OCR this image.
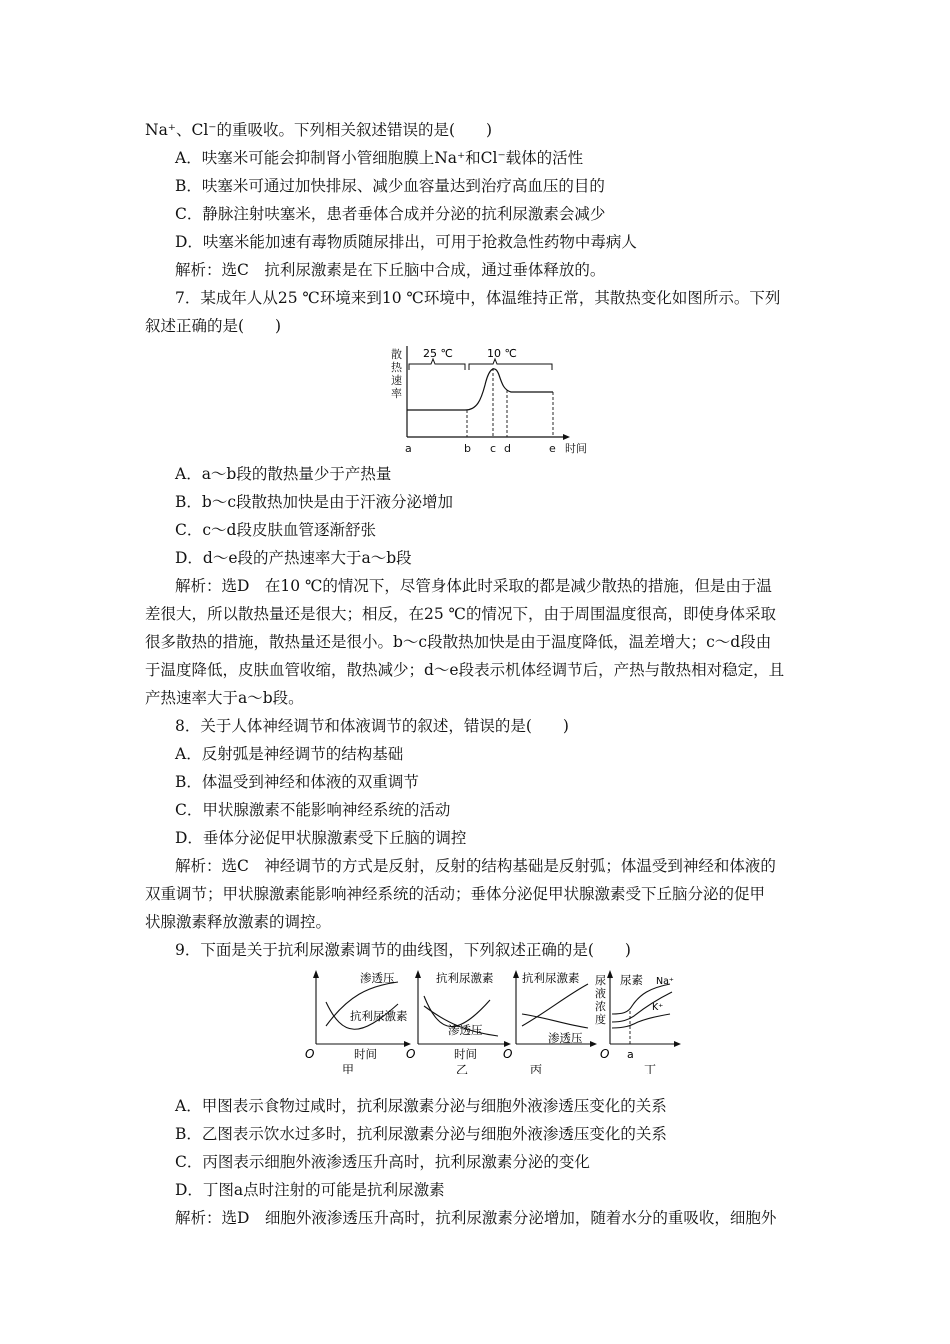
Na⁺、Cl⁻的重吸收。下列相关叙述错误的是(　　)
A．呋塞米可能会抑制肾小管细胞膜上Na⁺和Cl⁻载体的活性
B．呋塞米可通过加快排尿、减少血容量达到治疗高血压的目的
C．静脉注射呋塞米，患者垂体合成并分泌的抗利尿激素会减少
D．呋塞米能加速有毒物质随尿排出，可用于抢救急性药物中毒病人
解析：选C　抗利尿激素是在下丘脑中合成，通过垂体释放的。
7．某成年人从25 ℃环境来到10 ℃环境中，体温维持正常，其散热变化如图所示。下列
叙述正确的是(　　)
散
热
速
率
25 ℃	10 ℃
a	b c d	e 时间
A．a～b段的散热量少于产热量
B．b～c段散热加快是由于汗液分泌增加
C．c～d段皮肤血管逐渐舒张
D．d～e段的产热速率大于a～b段
解析：选D　在10 ℃的情况下，尽管身体此时采取的都是减少散热的措施，但是由于温
差很大，所以散热量还是很大；相反，在25 ℃的情况下，由于周围温度很高，即使身体采取
很多散热的措施，散热量还是很小。b～c段散热加快是由于温度降低，温差增大；c～d段由
于温度降低，皮肤血管收缩，散热减少；d～e段表示机体经调节后，产热与散热相对稳定，且
产热速率大于a～b段。
8．关于人体神经调节和体液调节的叙述，错误的是(　　)
A．反射弧是神经调节的结构基础
B．体温受到神经和体液的双重调节
C．甲状腺激素不能影响神经系统的活动
D．垂体分泌促甲状腺激素受下丘脑的调控
解析：选C　神经调节的方式是反射，反射的结构基础是反射弧；体温受到神经和体液的
双重调节；甲状腺激素能影响神经系统的活动；垂体分泌促甲状腺激素受下丘脑分泌的促甲
状腺激素释放激素的调控。
9．下面是关于抗利尿激素调节的曲线图，下列叙述正确的是(　　)
渗透压
抗利尿激素
O	时间
甲
抗利尿激素
渗透压
O	时间
乙
抗利尿激素
渗透压
O
丙
尿
液
浓
度
尿素 Na⁺
K⁺
O a
丁
A．甲图表示食物过咸时，抗利尿激素分泌与细胞外液渗透压变化的关系
B．乙图表示饮水过多时，抗利尿激素分泌与细胞外液渗透压变化的关系
C．丙图表示细胞外液渗透压升高时，抗利尿激素分泌的变化
D．丁图a点时注射的可能是抗利尿激素
解析：选D　细胞外液渗透压升高时，抗利尿激素分泌增加，随着水分的重吸收，细胞外
